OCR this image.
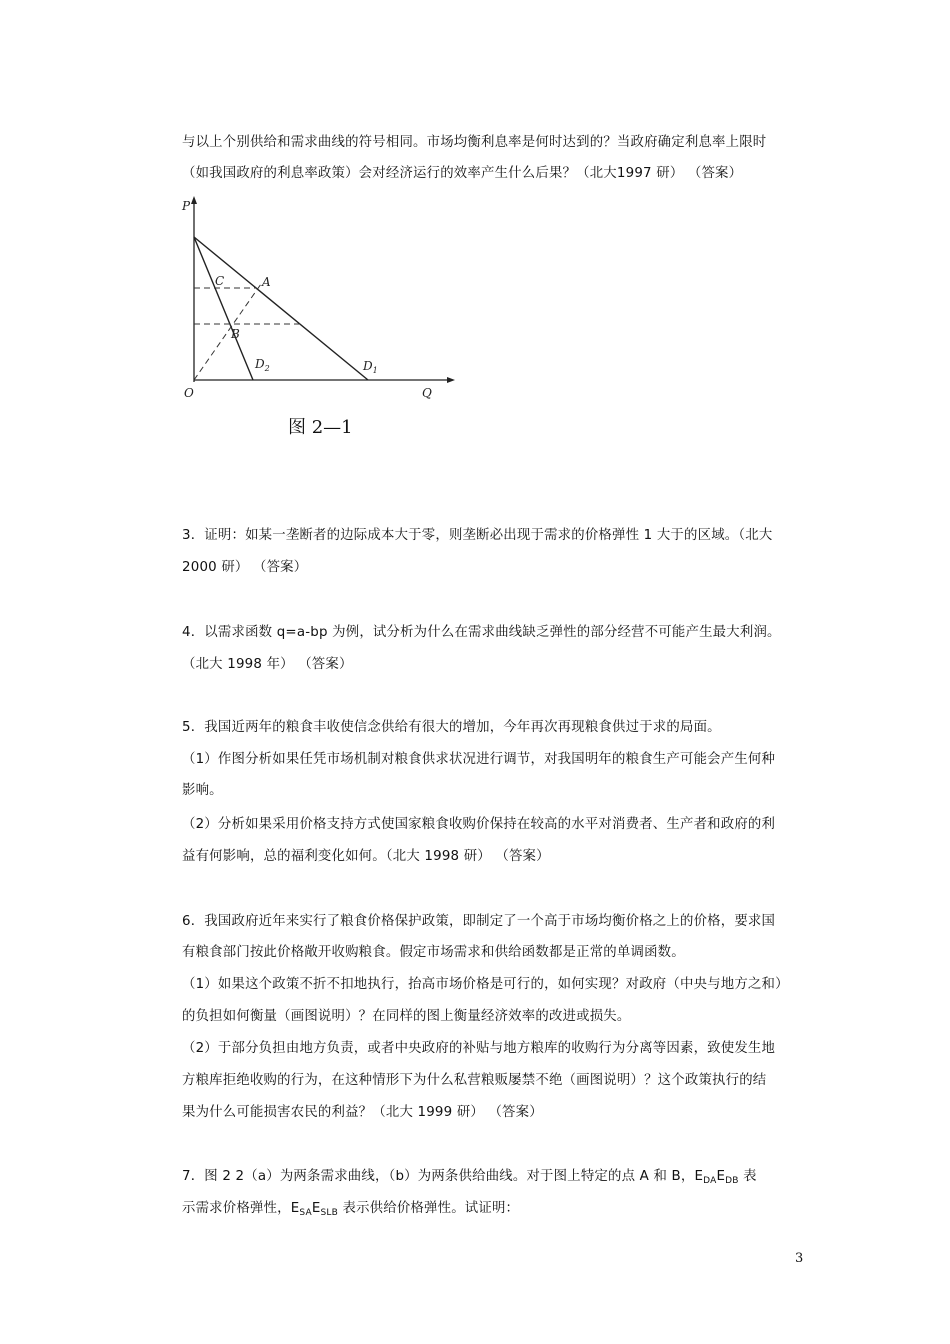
与以上个别供给和需求曲线的符号相同。市场均衡利息率是何时达到的？当政府确定利息率上限时
（如我国政府的利息率政策）会对经济运行的效率产生什么后果？（北大1997 研） （答案）
P
O	Q
C	A
B
$D_2$	$D_1$
图 2—1
3．证明：如某一垄断者的边际成本大于零，则垄断必出现于需求的价格弹性 1 大于的区域。（北大
2000 研） （答案）
4．以需求函数 q=a-bp 为例，试分析为什么在需求曲线缺乏弹性的部分经营不可能产生最大利润。
（北大 1998 年） （答案）
5．我国近两年的粮食丰收使信念供给有很大的增加，今年再次再现粮食供过于求的局面。
（1）作图分析如果任凭市场机制对粮食供求状况进行调节，对我国明年的粮食生产可能会产生何种
影响。
（2）分析如果采用价格支持方式使国家粮食收购价保持在较高的水平对消费者、生产者和政府的利
益有何影响，总的福利变化如何。（北大 1998 研） （答案）
6．我国政府近年来实行了粮食价格保护政策，即制定了一个高于市场均衡价格之上的价格，要求国
有粮食部门按此价格敞开收购粮食。假定市场需求和供给函数都是正常的单调函数。
（1）如果这个政策不折不扣地执行，抬高市场价格是可行的，如何实现？对政府（中央与地方之和）
的负担如何衡量（画图说明）？在同样的图上衡量经济效率的改进或损失。
（2）于部分负担由地方负责，或者中央政府的补贴与地方粮库的收购行为分离等因素，致使发生地
方粮库拒绝收购的行为，在这种情形下为什么私营粮贩屡禁不绝（画图说明）？这个政策执行的结
果为什么可能损害农民的利益？（北大 1999 研） （答案）
7．图 2 2（a）为两条需求曲线，（b）为两条供给曲线。对于图上特定的点 A 和 B，$E_{DA}E_{DB}$ 表
示需求价格弹性，$E_{SA}E_{SLB}$ 表示供给价格弹性。试证明：
3
